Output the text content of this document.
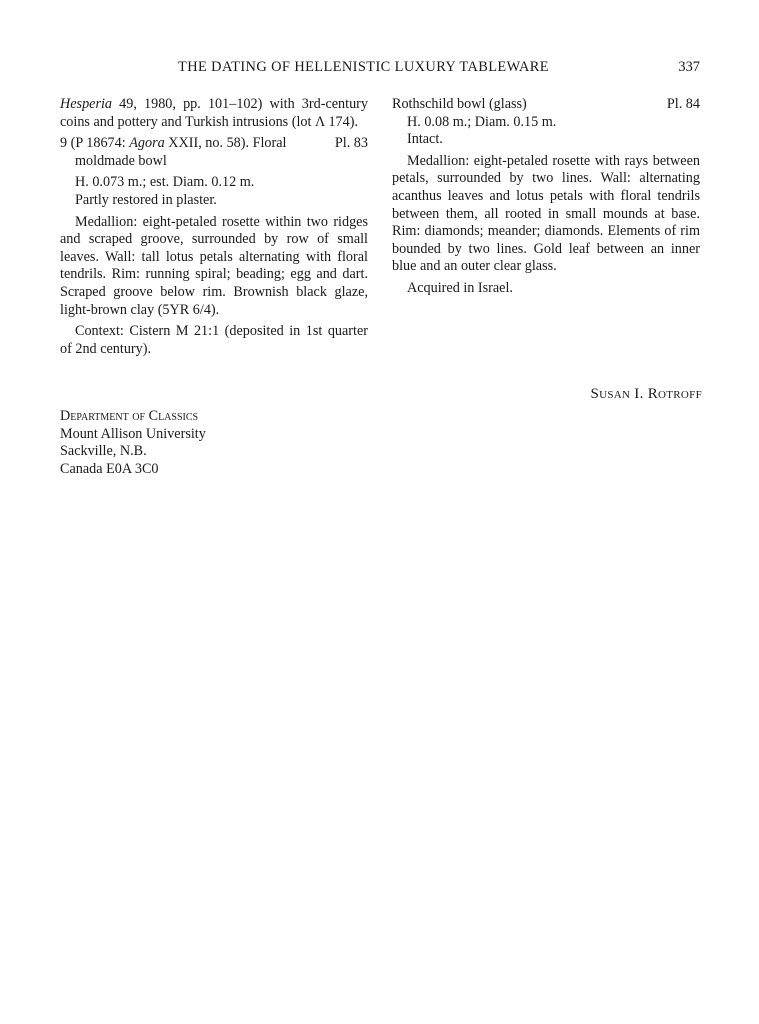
THE DATING OF HELLENISTIC LUXURY TABLEWARE	337

Hesperia 49, 1980, pp. 101–102) with 3rd-century coins and pottery and Turkish intrusions (lot Λ 174).

9 (P 18674: Agora XXII, no. 58). Floral moldmade bowl

Pl. 83

H. 0.073 m.; est. Diam. 0.12 m.

Partly restored in plaster.

Medallion: eight-petaled rosette within two ridges and scraped groove, surrounded by row of small leaves. Wall: tall lotus petals alternating with floral tendrils. Rim: running spiral; beading; egg and dart. Scraped groove below rim. Brownish black glaze, light-brown clay (5YR 6/4).

Context: Cistern M 21:1 (deposited in 1st quarter of 2nd century).

Rothschild bowl (glass)	Pl. 84

H. 0.08 m.; Diam. 0.15 m.

Intact.

Medallion: eight-petaled rosette with rays between petals, surrounded by two lines. Wall: alternating acanthus leaves and lotus petals with floral tendrils between them, all rooted in small mounds at base. Rim: diamonds; meander; diamonds. Elements of rim bounded by two lines. Gold leaf between an inner blue and an outer clear glass.

Acquired in Israel.

Susan I. Rotroff
Department of Classics
Mount Allison University
Sackville, N.B.
Canada E0A 3C0
